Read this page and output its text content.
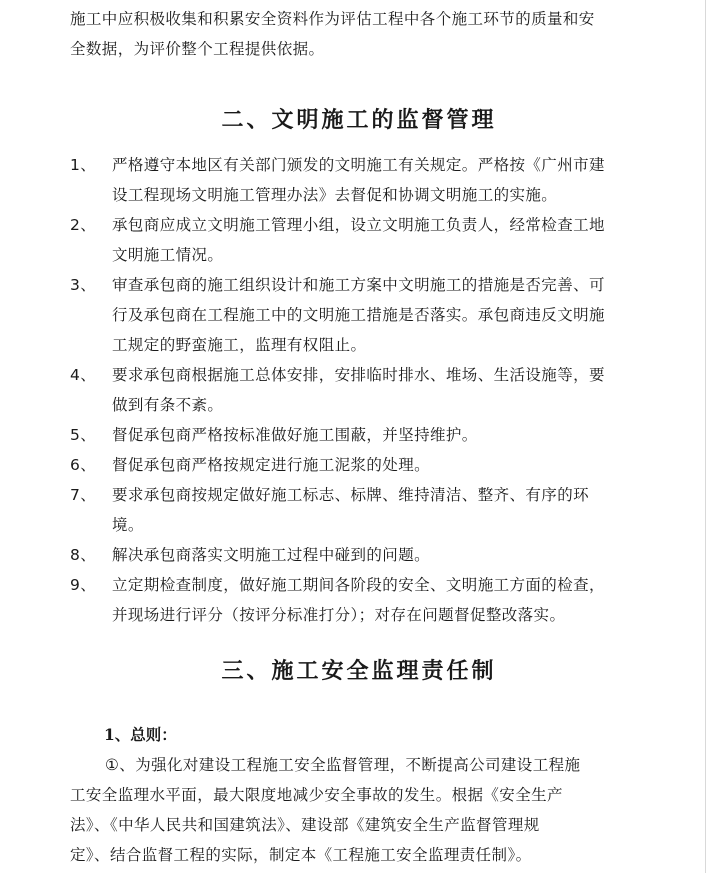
施工中应积极收集和积累安全资料作为评估工程中各个施工环节的质量和安
全数据，为评价整个工程提供依据。
二、文明施工的监督管理
1、	严格遵守本地区有关部门颁发的文明施工有关规定。严格按《广州市建
设工程现场文明施工管理办法》去督促和协调文明施工的实施。
2、	承包商应成立文明施工管理小组，设立文明施工负责人，经常检查工地
文明施工情况。
3、	审查承包商的施工组织设计和施工方案中文明施工的措施是否完善、可
行及承包商在工程施工中的文明施工措施是否落实。承包商违反文明施
工规定的野蛮施工，监理有权阻止。
4、	要求承包商根据施工总体安排，安排临时排水、堆场、生活设施等，要
做到有条不紊。
5、	督促承包商严格按标准做好施工围蔽，并坚持维护。
6、	督促承包商严格按规定进行施工泥浆的处理。
7、	要求承包商按规定做好施工标志、标牌、维持清洁、整齐、有序的环
境。
8、	解决承包商落实文明施工过程中碰到的问题。
9、	立定期检查制度，做好施工期间各阶段的安全、文明施工方面的检查，
并现场进行评分（按评分标准打分）；对存在问题督促整改落实。
三、施工安全监理责任制
1、总则：
①、为强化对建设工程施工安全监督管理，不断提高公司建设工程施
工安全监理水平面，最大限度地减少安全事故的发生。根据《安全生产
法》、《中华人民共和国建筑法》、建设部《建筑安全生产监督管理规
定》、结合监督工程的实际，制定本《工程施工安全监理责任制》。
